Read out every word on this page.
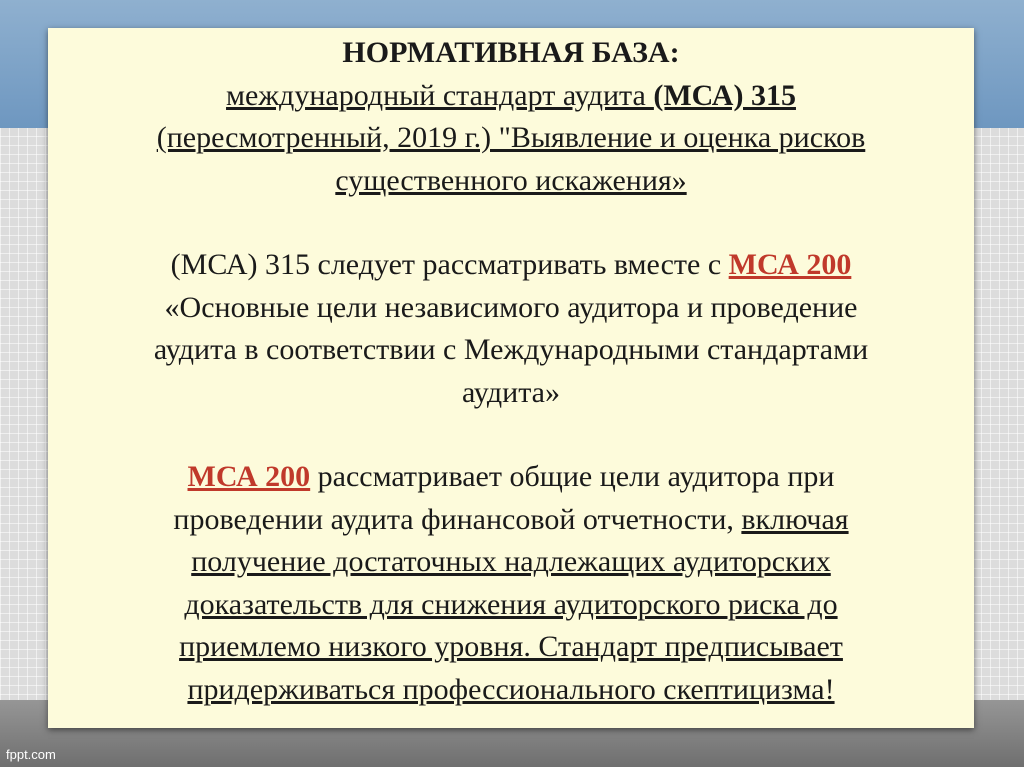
fppt.com
НОРМАТИВНАЯ БАЗА:
международный стандарт аудита (МСА) 315
(пересмотренный, 2019 г.) "Выявление и оценка рисков
существенного искажения»
(МСА) 315 следует рассматривать вместе с МСА 200
«Основные цели независимого аудитора и проведение
аудита в соответствии с Международными стандартами
аудита»
МСА 200 рассматривает общие цели аудитора при
проведении аудита финансовой отчетности, включая
получение достаточных надлежащих аудиторских
доказательств для снижения аудиторского риска до
приемлемо низкого уровня. Стандарт предписывает
придерживаться профессионального скептицизма!
